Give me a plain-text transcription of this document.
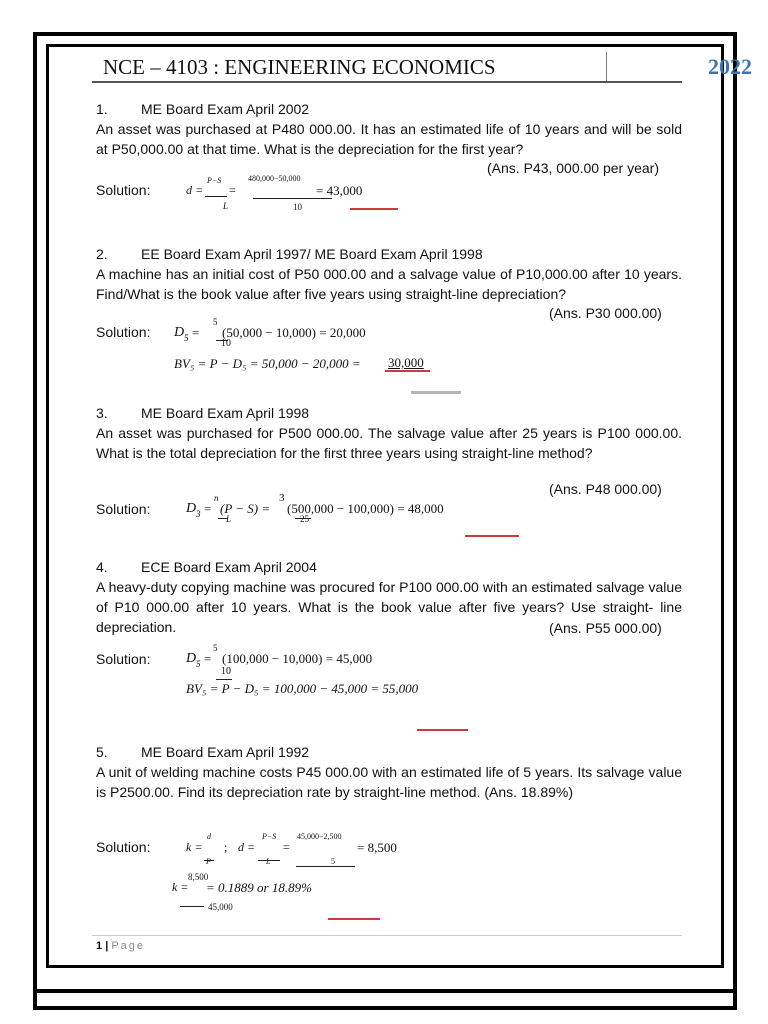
NCE – 4103 : ENGINEERING ECONOMICS	2022
1. ME Board Exam April 2002
An asset was purchased at P480 000.00. It has an estimated life of 10 years and will be sold at P50,000.00 at that time. What is the depreciation for the first year?
(Ans. P43, 000.00 per year)
Solution:	d =
P−S
L
=
480,000−50,000
10
= 43,000
2. EE Board Exam April 1997/ ME Board Exam April 1998
A machine has an initial cost of P50 000.00 and a salvage value of P10,000.00 after 10 years. Find/What is the book value after five years using straight-line depreciation?
(Ans. P30 000.00)
Solution: D 5 =
5
10
(50,000 − 10,000) = 20,000
BV₅ = P − D₅ = 50,000 − 20,000 = 30,000
3. ME Board Exam April 1998
An asset was purchased for P500 000.00. The salvage value after 25 years is P100 000.00. What is the total depreciation for the first three years using straight-line method?
(Ans. P48 000.00)
Solution:	D 3 =
n
L
(P − S) =
3
25
(500,000 − 100,000) = 48,000
4. ECE Board Exam April 2004
A heavy-duty copying machine was procured for P100 000.00 with an estimated salvage value of P10 000.00 after 10 years. What is the book value after five years? Use straight- line depreciation.	(Ans. P55 000.00)
Solution:	D 5 =
5
10
(100,000 − 10,000) = 45,000
BV₅ = P − D₅ = 100,000 − 45,000 = 55,000
5. ME Board Exam April 1992
A unit of welding machine costs P45 000.00 with an estimated life of 5 years. Its salvage value is P2500.00. Find its depreciation rate by straight-line method. (Ans. 18.89%)
Solution:	k =
d
P
; d =
P−S
L
=
45,000−2,500
5
= 8,500
k =
8,500
45,000
= 0.1889 or 18.89%
1 | Page
